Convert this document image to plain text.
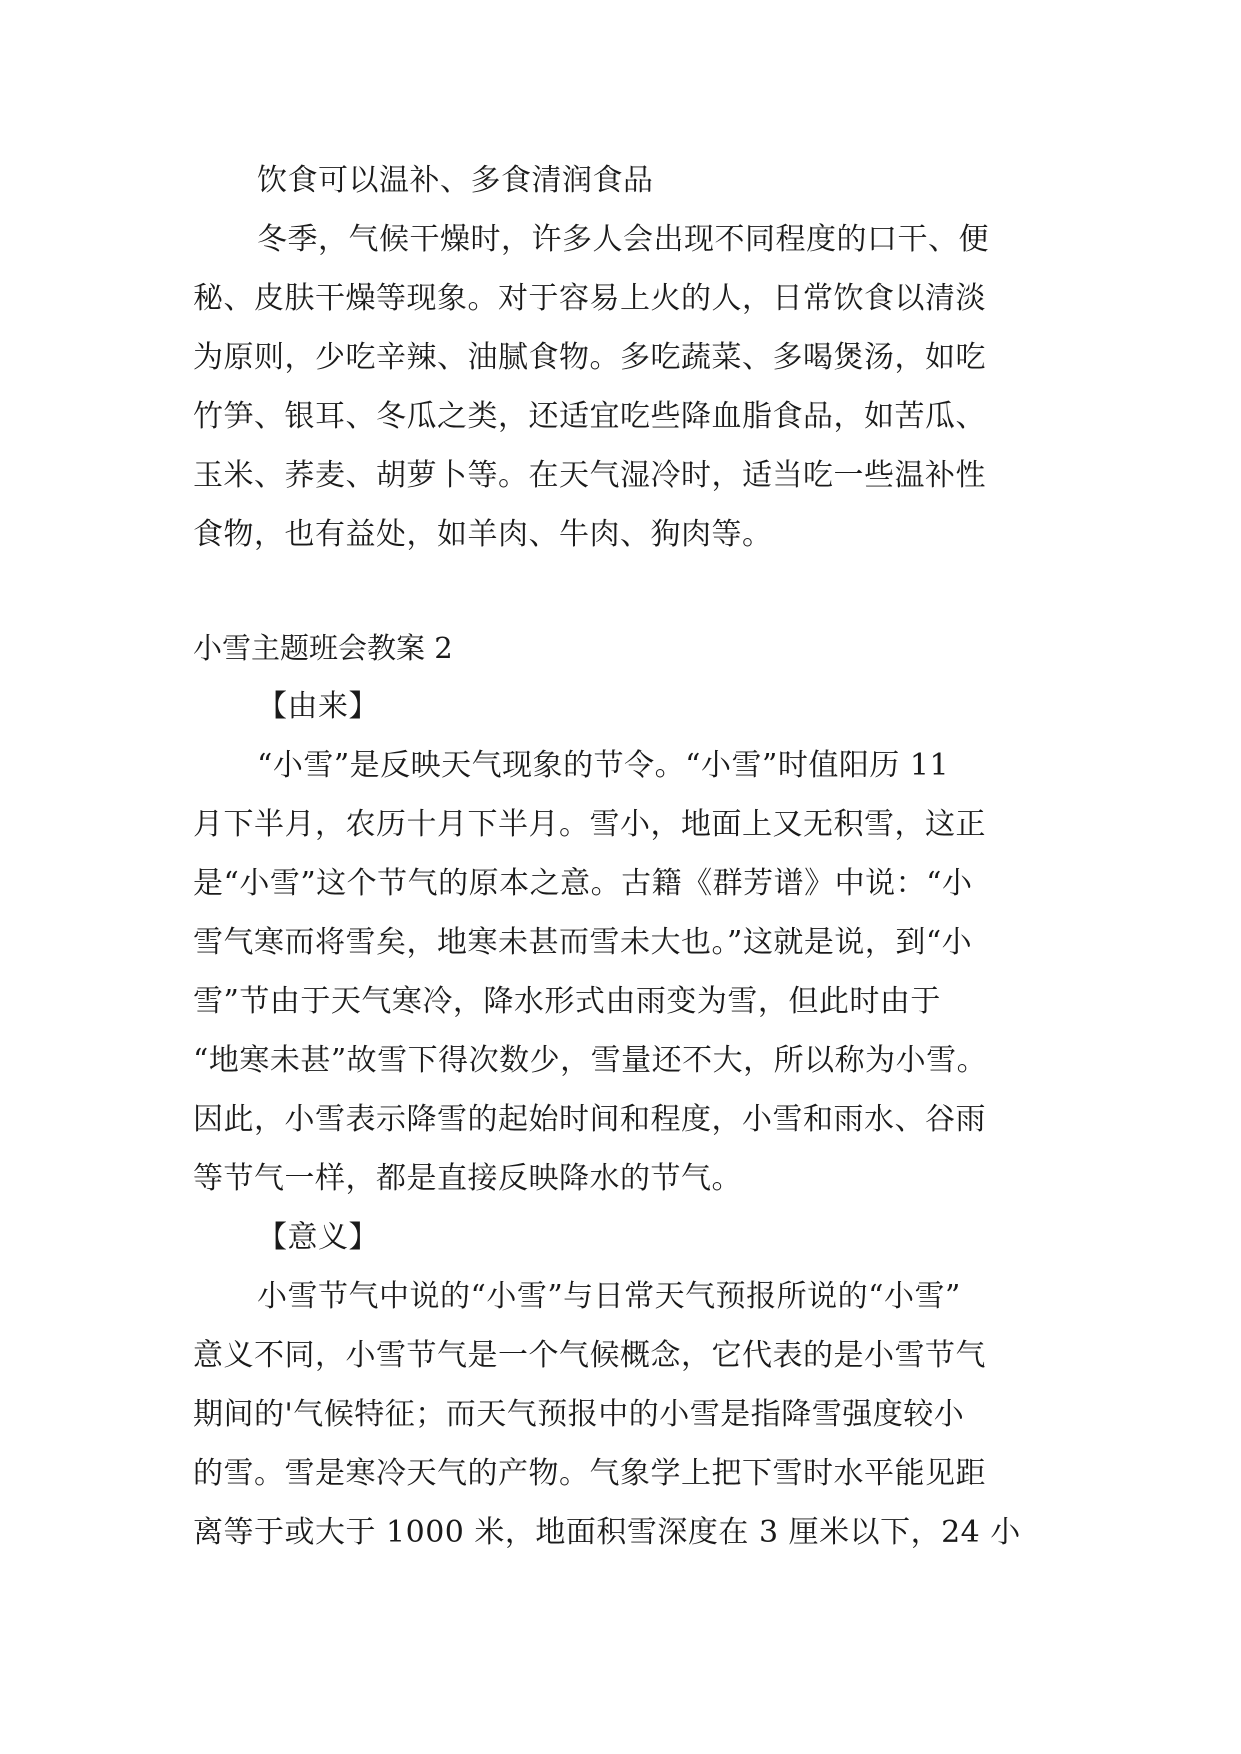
饮食可以温补、多食清润食品
冬季，气候干燥时，许多人会出现不同程度的口干、便
秘、皮肤干燥等现象。对于容易上火的人，日常饮食以清淡
为原则，少吃辛辣、油腻食物。多吃蔬菜、多喝煲汤，如吃
竹笋、银耳、冬瓜之类，还适宜吃些降血脂食品，如苦瓜、
玉米、荞麦、胡萝卜等。在天气湿冷时，适当吃一些温补性
食物，也有益处，如羊肉、牛肉、狗肉等。
小雪主题班会教案 2
【由来】
“小雪”是反映天气现象的节令。“小雪”时值阳历 11
月下半月，农历十月下半月。雪小，地面上又无积雪，这正
是“小雪”这个节气的原本之意。古籍《群芳谱》中说：“小
雪气寒而将雪矣，地寒未甚而雪未大也。”这就是说，到“小
雪”节由于天气寒冷，降水形式由雨变为雪，但此时由于
“地寒未甚”故雪下得次数少，雪量还不大，所以称为小雪。
因此，小雪表示降雪的起始时间和程度，小雪和雨水、谷雨
等节气一样，都是直接反映降水的节气。
【意义】
小雪节气中说的“小雪”与日常天气预报所说的“小雪”
意义不同，小雪节气是一个气候概念，它代表的是小雪节气
期间的'气候特征；而天气预报中的小雪是指降雪强度较小
的雪。雪是寒冷天气的产物。气象学上把下雪时水平能见距
离等于或大于 1000 米，地面积雪深度在 3 厘米以下，24 小
